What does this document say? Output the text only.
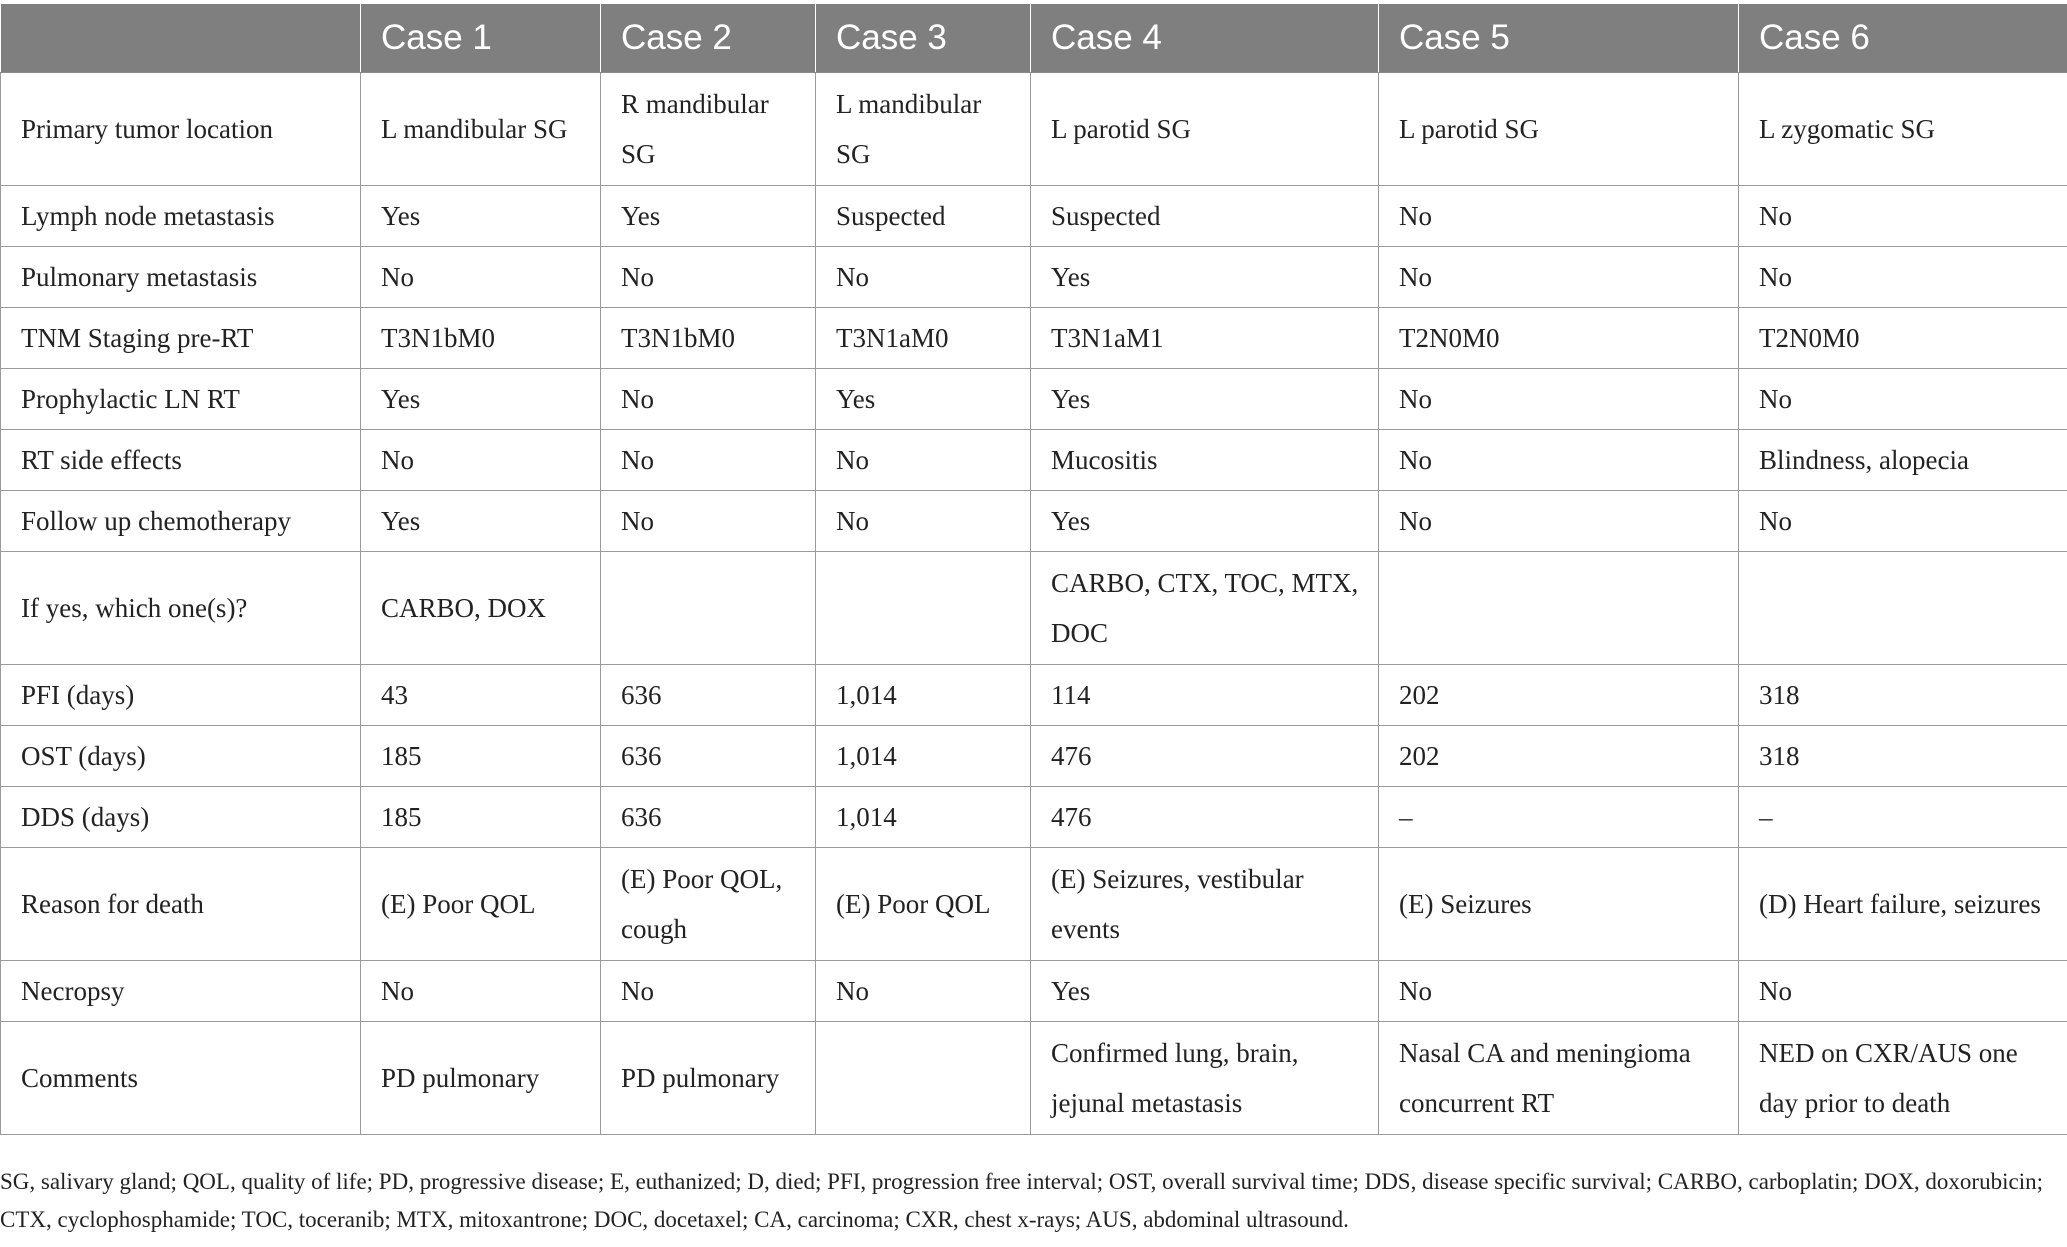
	Case 1	Case 2	Case 3	Case 4	Case 5	Case 6
Primary tumor location	L mandibular SG	R mandibular SG	L mandibular SG	L parotid SG	L parotid SG	L zygomatic SG
Lymph node metastasis	Yes	Yes	Suspected	Suspected	No	No
Pulmonary metastasis	No	No	No	Yes	No	No
TNM Staging pre-RT	T3N1bM0	T3N1bM0	T3N1aM0	T3N1aM1	T2N0M0	T2N0M0
Prophylactic LN RT	Yes	No	Yes	Yes	No	No
RT side effects	No	No	No	Mucositis	No	Blindness, alopecia
Follow up chemotherapy	Yes	No	No	Yes	No	No
If yes, which one(s)?	CARBO, DOX			CARBO, CTX, TOC, MTX, DOC		

PFI (days)	43	636	1,014	114	202	318
OST (days)	185	636	1,014	476	202	318
DDS (days)	185	636	1,014	476	–	–
Reason for death	(E) Poor QOL	(E) Poor QOL, cough	(E) Poor QOL	(E) Seizures, vestibular events	(E) Seizures	(D) Heart failure, seizures

Necropsy	No	No	No	Yes	No	No
Comments	PD pulmonary	PD pulmonary		Confirmed lung, brain, jejunal metastasis	Nasal CA and meningioma concurrent RT	NED on CXR/AUS one day prior to death
SG, salivary gland; QOL, quality of life; PD, progressive disease; E, euthanized; D, died; PFI, progression free interval; OST, overall survival time; DDS, disease specific survival; CARBO, carboplatin; DOX, doxorubicin; CTX, cyclophosphamide; TOC, toceranib; MTX, mitoxantrone; DOC, docetaxel; CA, carcinoma; CXR, chest x-rays; AUS, abdominal ultrasound.
